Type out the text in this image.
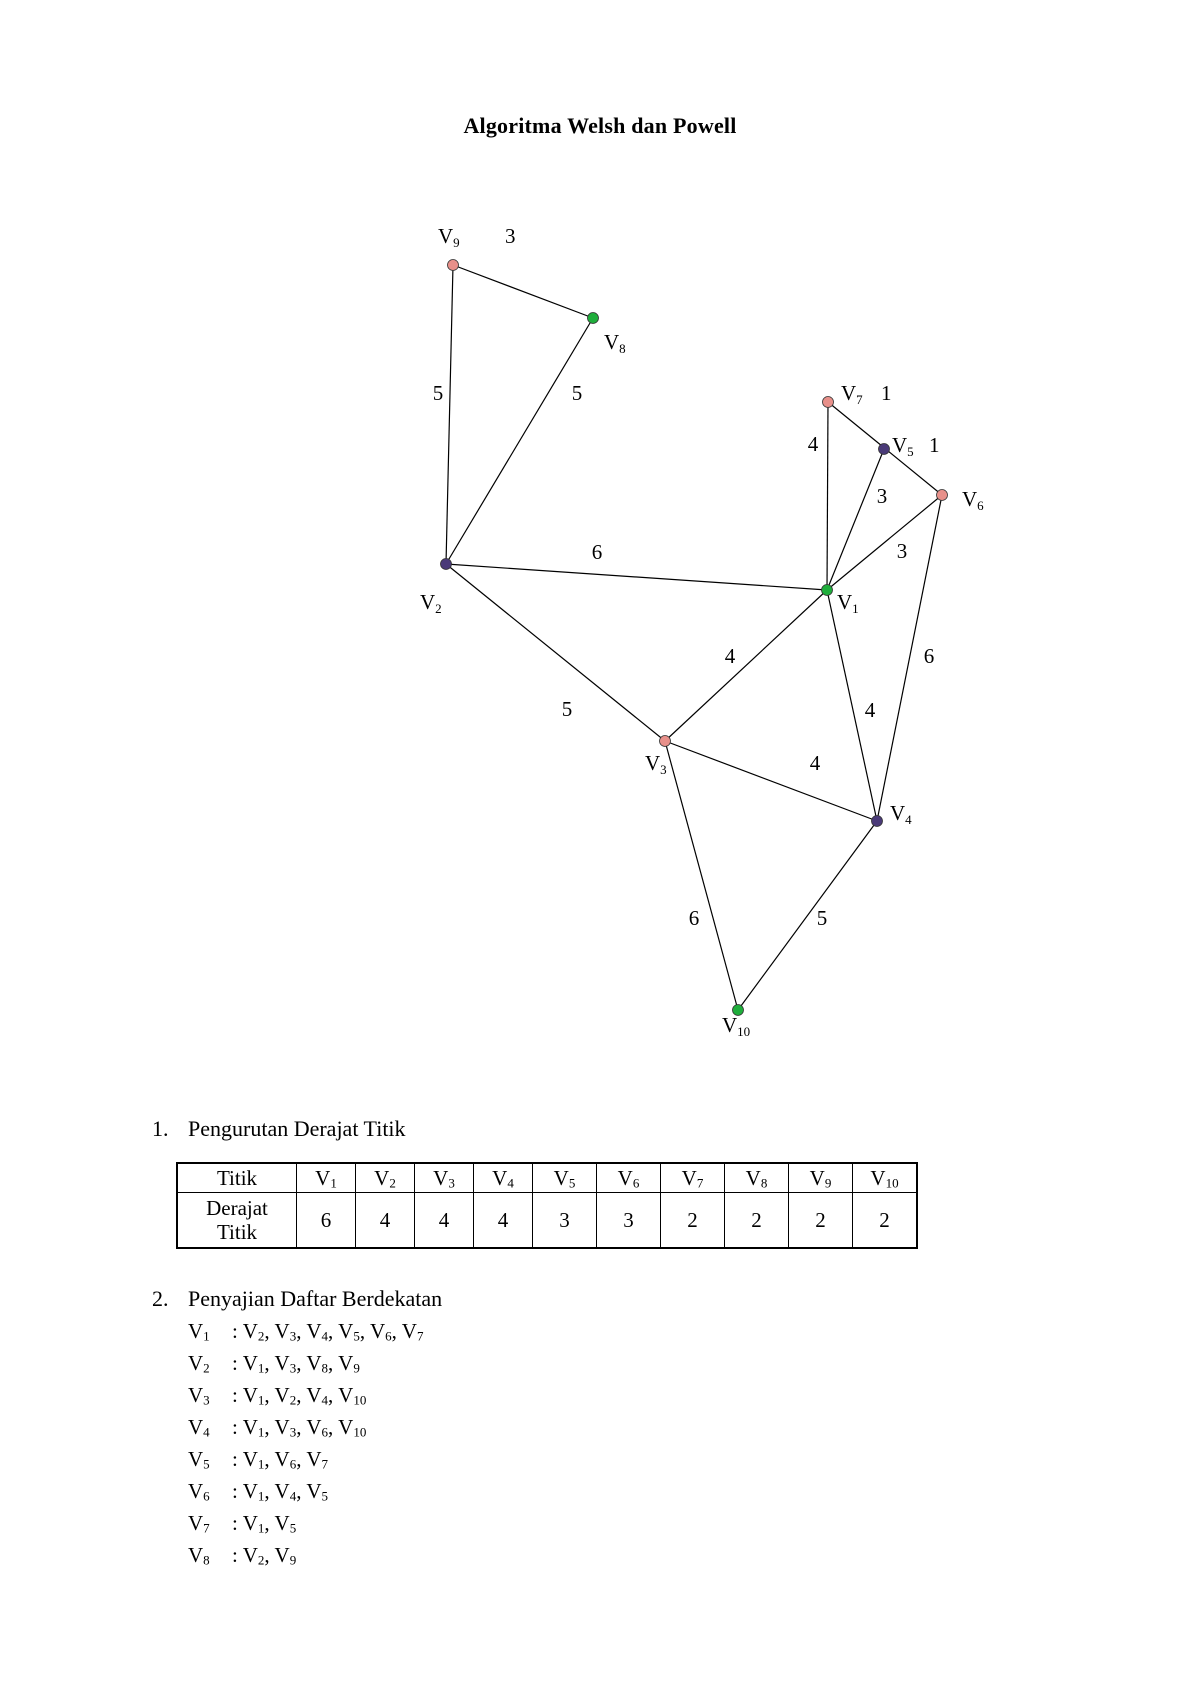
Algoritma Welsh dan Powell
5	5
6
5
4
3
3
6
4
4
4
6	5
V1
V2
V3
V4
V5 1
V6
V7 1
V8
V9 3
V10
1. Pengurutan Derajat Titik
Titik	$V_1$	$V_2$	$V_3$	$V_4$	$V_5$	$V_6$	$V_7$	$V_8$	$V_9$	$V_{10}$
Derajat
Titik	6	4	4	4	3	3	2	2	2	2
2. Penyajian Daftar Berdekatan
$V_1$ : $V_2$, $V_3$, $V_4$, $V_5$, $V_6$, $V_7$
$V_2$ : $V_1$, $V_3$, $V_8$, $V_9$
$V_3$ : $V_1$, $V_2$, $V_4$, $V_{10}$
$V_4$ : $V_1$, $V_3$, $V_6$, $V_{10}$
$V_5$ : $V_1$, $V_6$, $V_7$
$V_6$ : $V_1$, $V_4$, $V_5$
$V_7$ : $V_1$, $V_5$
$V_8$ : $V_2$, $V_9$
